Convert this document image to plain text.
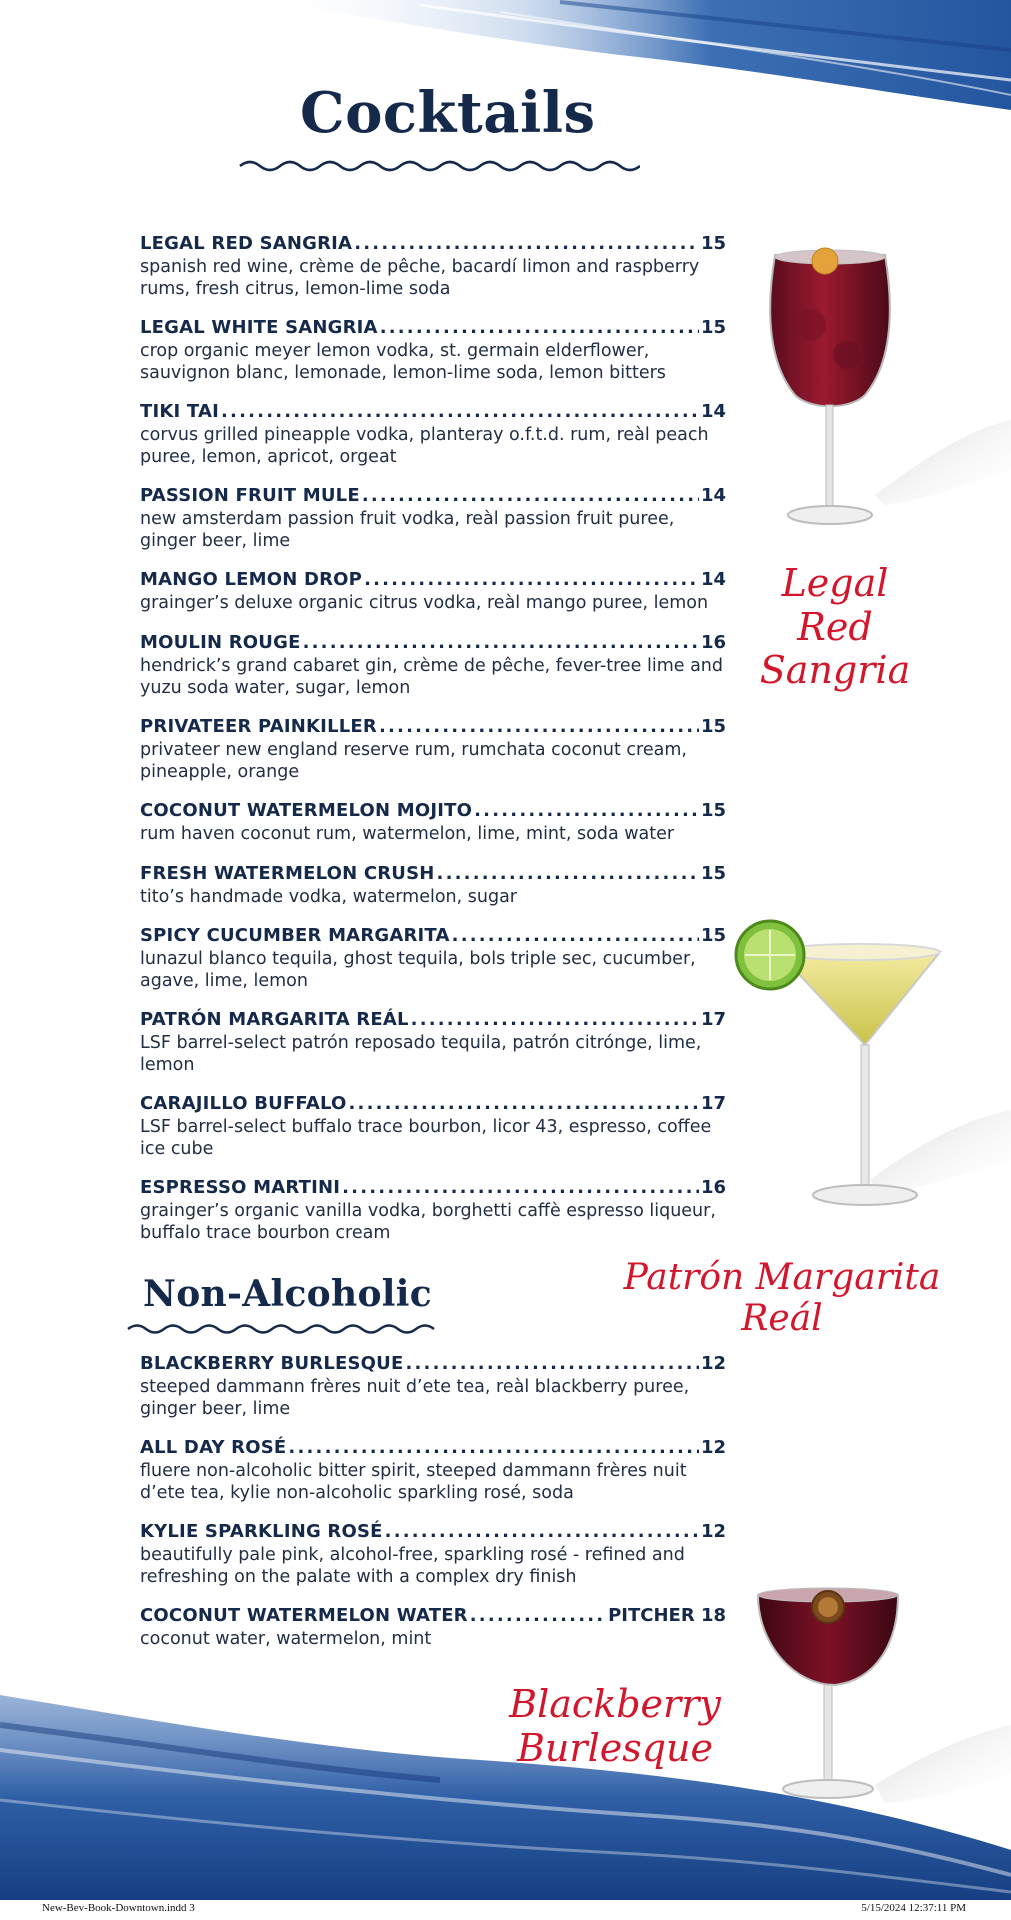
Cocktails
LEGAL RED SANGRIA .....	15
spanish red wine, crème de pêche, bacardí limon and raspberry rums, fresh citrus, lemon-lime soda
LEGAL WHITE SANGRIA .....	15
crop organic meyer lemon vodka, st. germain elderflower, sauvignon blanc, lemonade, lemon-lime soda, lemon bitters
TIKI TAI .....	14
corvus grilled pineapple vodka, planteray o.f.t.d. rum, reàl peach puree, lemon, apricot, orgeat
PASSION FRUIT MULE .....	14
new amsterdam passion fruit vodka, reàl passion fruit puree, ginger beer, lime
MANGO LEMON DROP .....	14
grainger’s deluxe organic citrus vodka, reàl mango puree, lemon
MOULIN ROUGE .....	16
hendrick’s grand cabaret gin, crème de pêche, fever-tree lime and yuzu soda water, sugar, lemon
PRIVATEER PAINKILLER .....	15
privateer new england reserve rum, rumchata coconut cream, pineapple, orange
COCONUT WATERMELON MOJITO .....	15
rum haven coconut rum, watermelon, lime, mint, soda water
FRESH WATERMELON CRUSH .....	15
tito’s handmade vodka, watermelon, sugar
SPICY CUCUMBER MARGARITA .....	15
lunazul blanco tequila, ghost tequila, bols triple sec, cucumber, agave, lime, lemon
PATRÓN MARGARITA REÁL .....	17
LSF barrel-select patrón reposado tequila, patrón citrónge, lime, lemon
CARAJILLO BUFFALO .....	17
LSF barrel-select buffalo trace bourbon, licor 43, espresso, coffee ice cube
ESPRESSO MARTINI .....	16
grainger’s organic vanilla vodka, borghetti caffè espresso liqueur, buffalo trace bourbon cream
Non-Alcoholic
BLACKBERRY BURLESQUE .....	12
steeped dammann frères nuit d’ete tea, reàl blackberry puree, ginger beer, lime
ALL DAY ROSÉ .....	12
fluere non-alcoholic bitter spirit, steeped dammann frères nuit d’ete tea, kylie non-alcoholic sparkling rosé, soda
KYLIE SPARKLING ROSÉ .....	12
beautifully pale pink, alcohol-free, sparkling rosé - refined and refreshing on the palate with a complex dry finish
COCONUT WATERMELON WATER .....	PITCHER 18
coconut water, watermelon, mint
Legal Red Sangria
Patrón Margarita Reál
Blackberry Burlesque
New-Bev-Book-Downtown.indd 3	5/15/2024 12:37:11 PM
